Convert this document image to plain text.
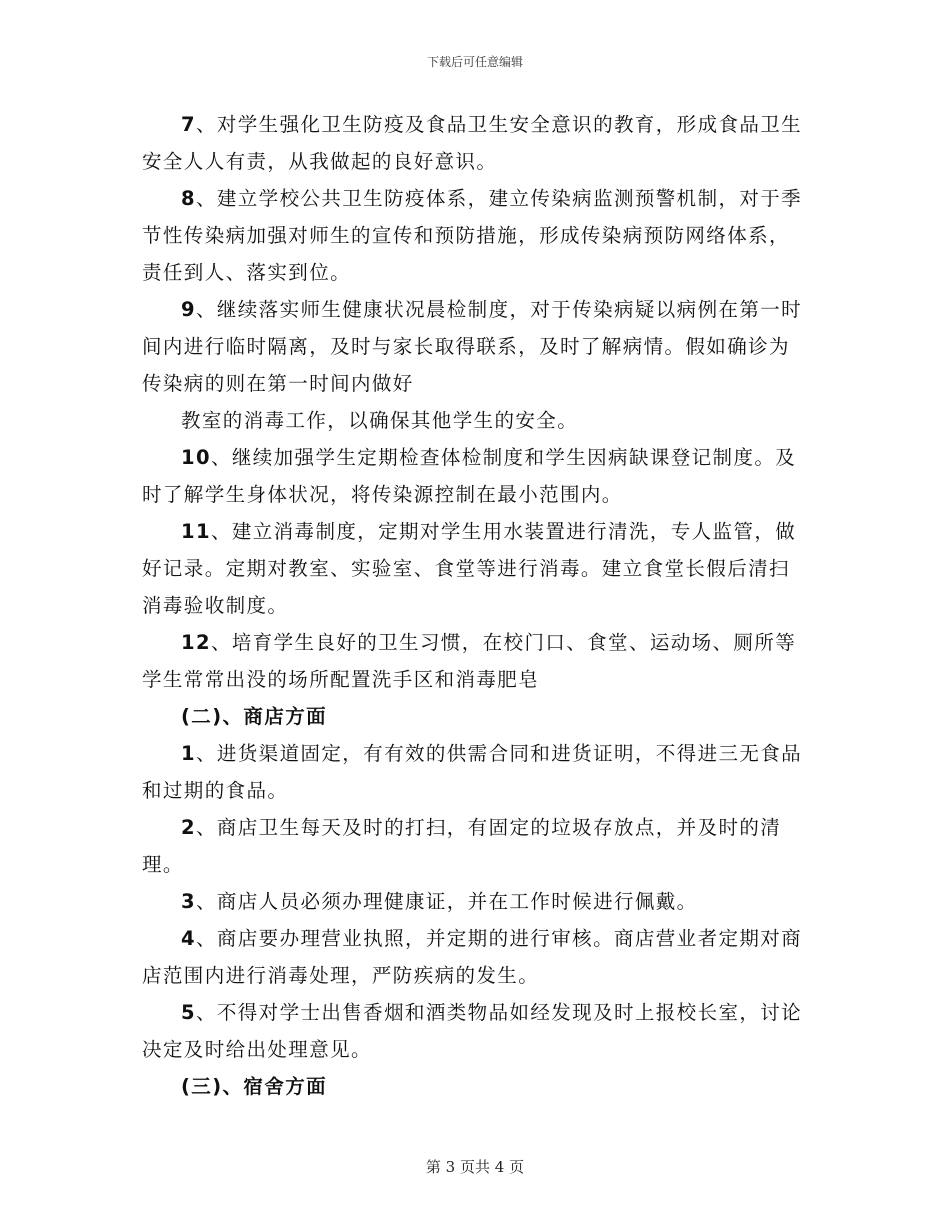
下载后可任意编辑

7、对学生强化卫生防疫及食品卫生安全意识的教育，形成食品卫生安全人人有责，从我做起的良好意识。

8、建立学校公共卫生防疫体系，建立传染病监测预警机制，对于季节性传染病加强对师生的宣传和预防措施，形成传染病预防网络体系，责任到人、落实到位。

9、继续落实师生健康状况晨检制度，对于传染病疑以病例在第一时间内进行临时隔离，及时与家长取得联系，及时了解病情。假如确诊为传染病的则在第一时间内做好

教室的消毒工作，以确保其他学生的安全。

10、继续加强学生定期检查体检制度和学生因病缺课登记制度。及时了解学生身体状况，将传染源控制在最小范围内。

11、建立消毒制度，定期对学生用水装置进行清洗，专人监管，做好记录。定期对教室、实验室、食堂等进行消毒。建立食堂长假后清扫消毒验收制度。

12、培育学生良好的卫生习惯，在校门口、食堂、运动场、厕所等学生常常出没的场所配置洗手区和消毒肥皂

(二)、商店方面

1、进货渠道固定，有有效的供需合同和进货证明，不得进三无食品和过期的食品。

2、商店卫生每天及时的打扫，有固定的垃圾存放点，并及时的清理。

3、商店人员必须办理健康证，并在工作时候进行佩戴。

4、商店要办理营业执照，并定期的进行审核。商店营业者定期对商店范围内进行消毒处理，严防疾病的发生。

5、不得对学士出售香烟和酒类物品如经发现及时上报校长室，讨论决定及时给出处理意见。

(三)、宿舍方面

第 3 页共 4 页
